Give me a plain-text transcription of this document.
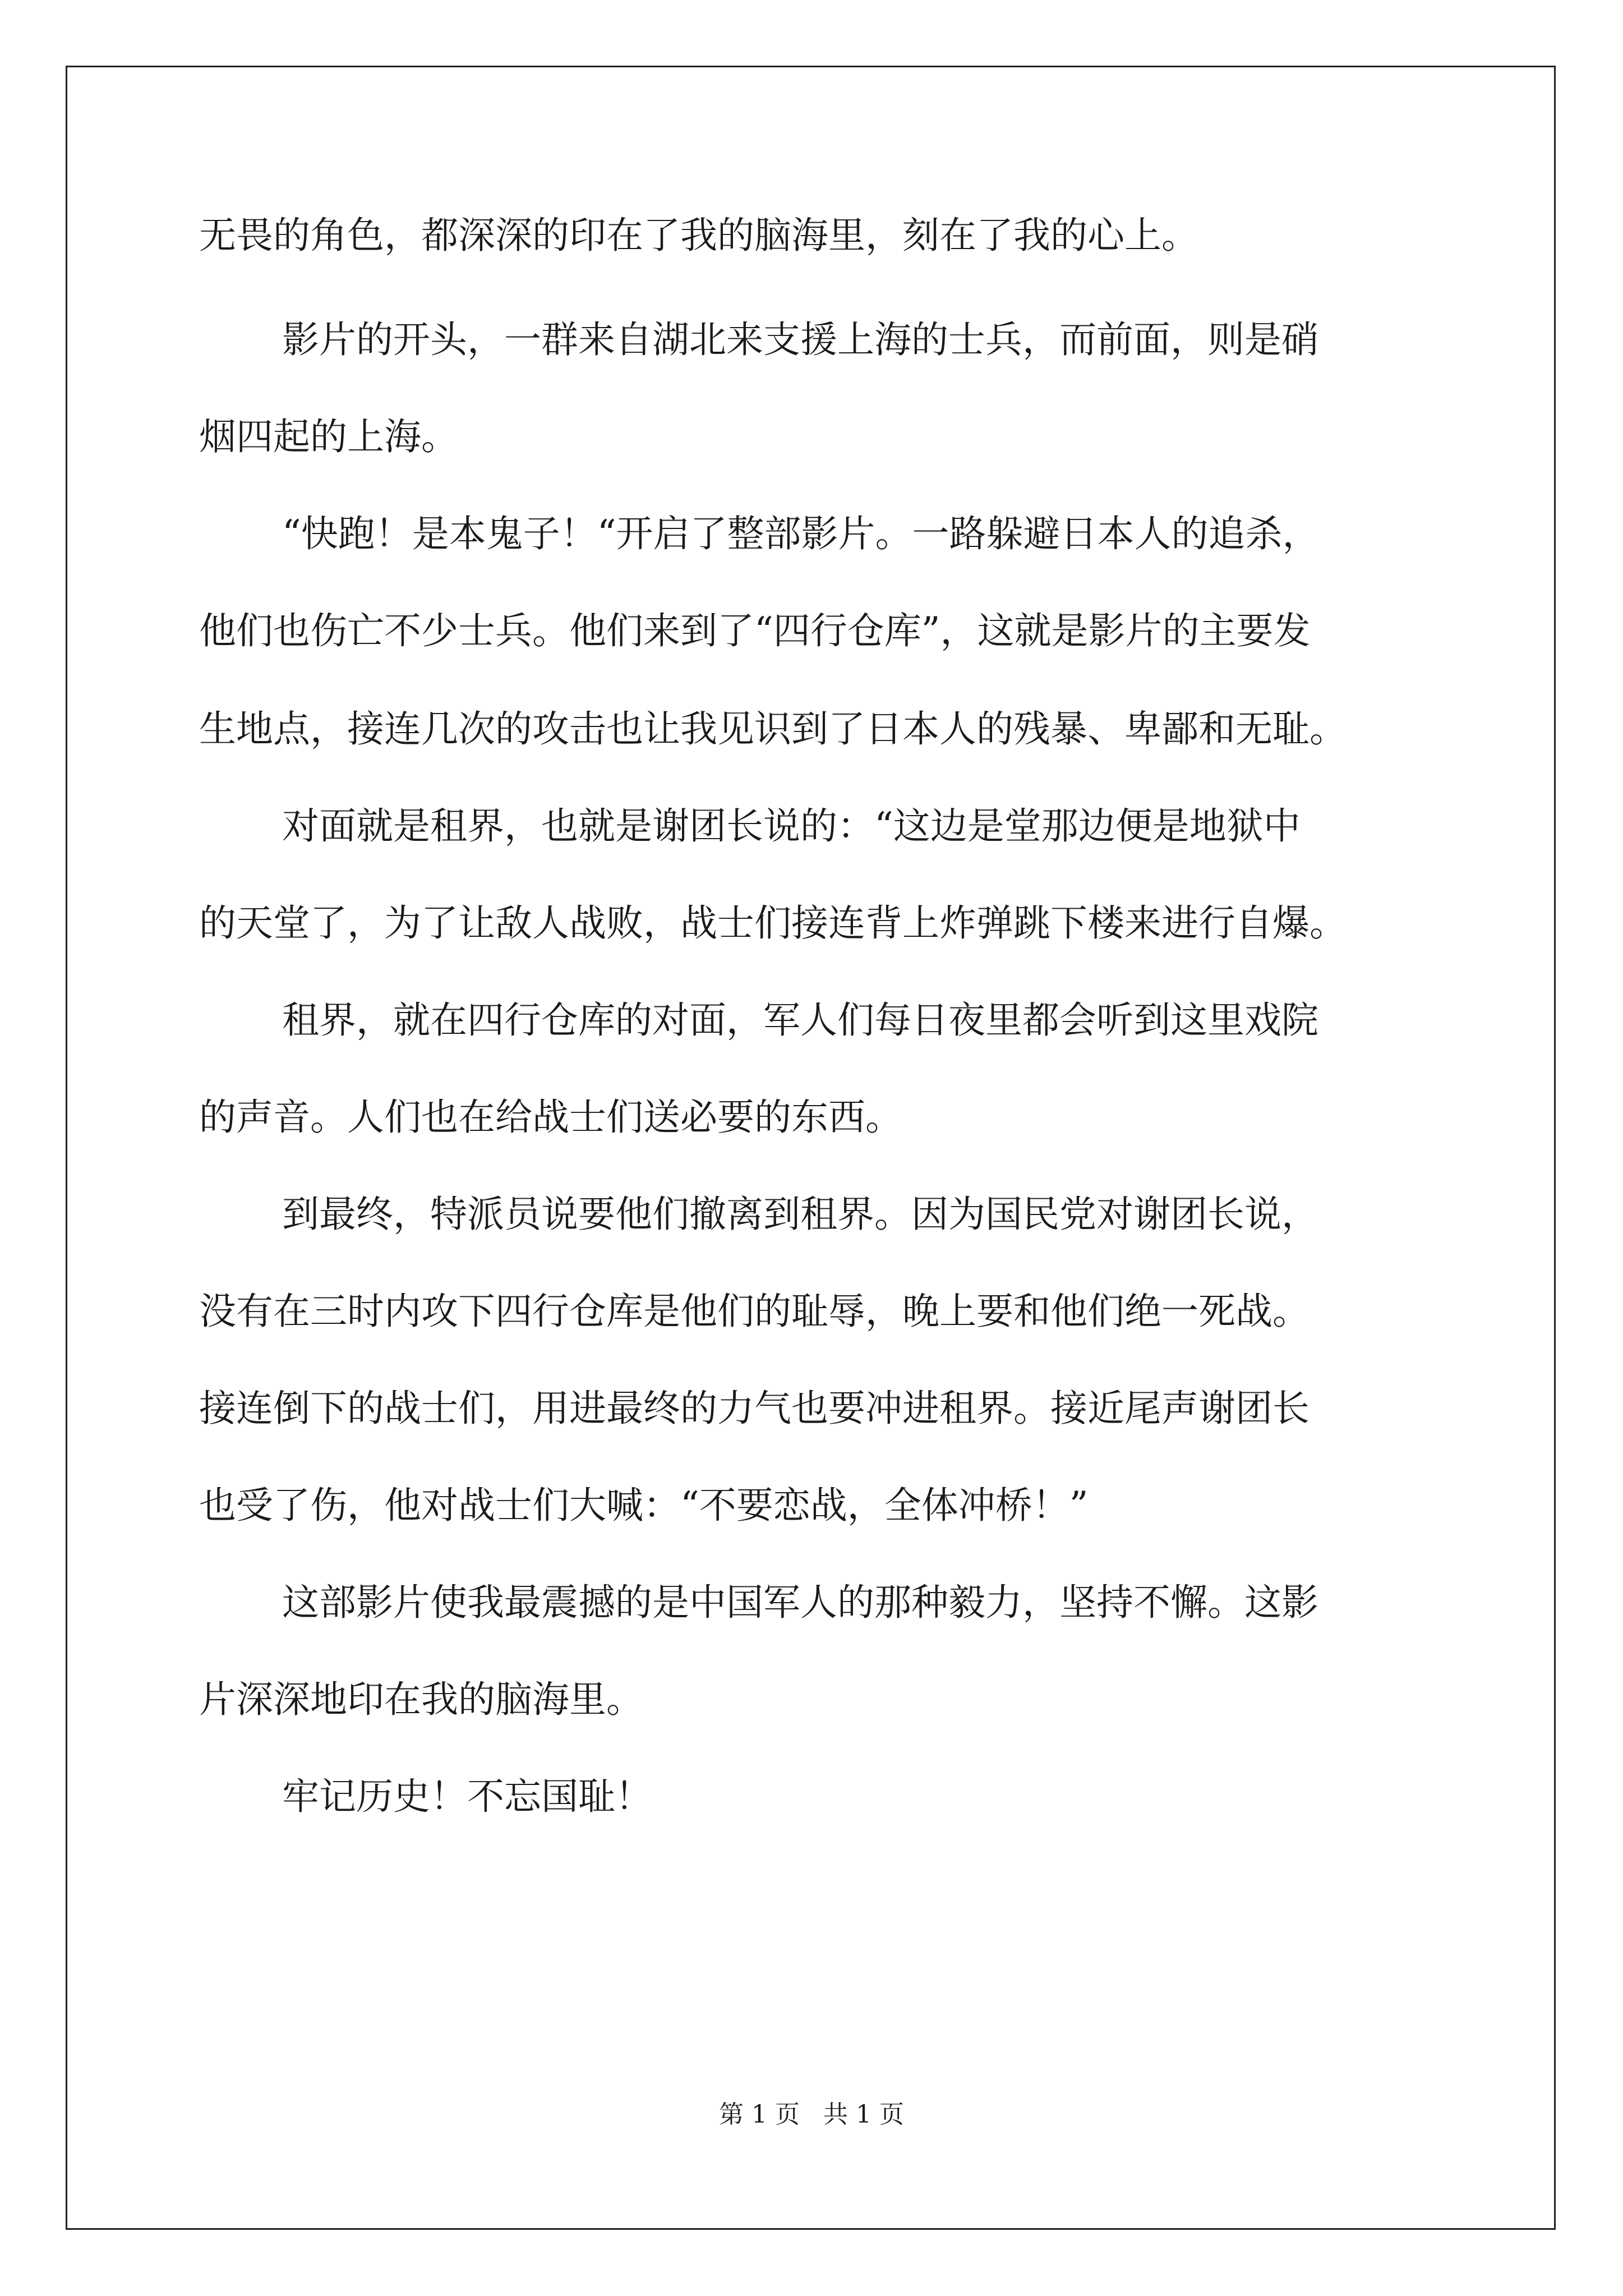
无畏的角色，都深深的印在了我的脑海里，刻在了我的心上。
影片的开头，一群来自湖北来支援上海的士兵，而前面，则是硝
烟四起的上海。
“快跑！是本鬼子！“开启了整部影片。一路躲避日本人的追杀，
他们也伤亡不少士兵。他们来到了“四行仓库”，这就是影片的主要发
生地点，接连几次的攻击也让我见识到了日本人的残暴、卑鄙和无耻。
对面就是租界，也就是谢团长说的：“这边是堂那边便是地狱中
的天堂了，为了让敌人战败，战士们接连背上炸弹跳下楼来进行自爆。
租界，就在四行仓库的对面，军人们每日夜里都会听到这里戏院
的声音。人们也在给战士们送必要的东西。
到最终，特派员说要他们撤离到租界。因为国民党对谢团长说，
没有在三时内攻下四行仓库是他们的耻辱，晚上要和他们绝一死战。
接连倒下的战士们，用进最终的力气也要冲进租界。接近尾声谢团长
也受了伤，他对战士们大喊：“不要恋战，全体冲桥！”
这部影片使我最震撼的是中国军人的那种毅力，坚持不懈。这影
片深深地印在我的脑海里。
牢记历史！不忘国耻！
第 1 页   共 1 页
